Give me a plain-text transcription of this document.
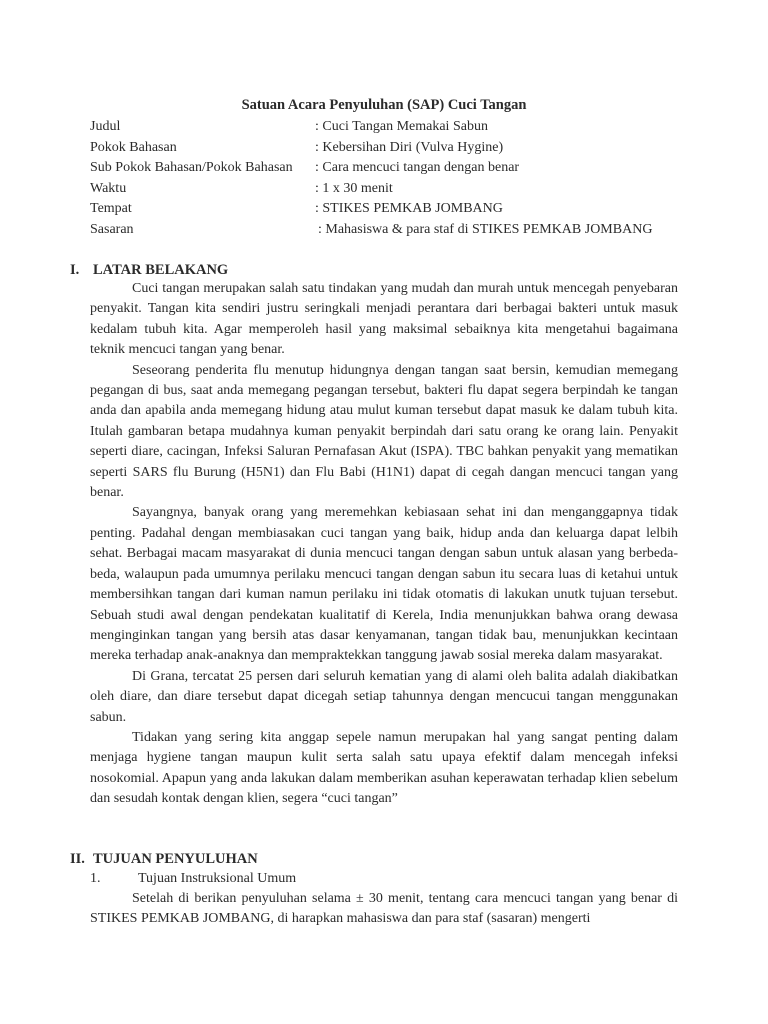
Satuan Acara Penyuluhan (SAP) Cuci Tangan
Judul	: Cuci Tangan Memakai Sabun
Pokok Bahasan	: Kebersihan Diri (Vulva Hygine)
Sub Pokok Bahasan/Pokok Bahasan : Cara mencuci tangan dengan benar
Waktu	: 1 x 30 menit
Tempat	: STIKES PEMKAB JOMBANG
Sasaran	: Mahasiswa & para staf di STIKES PEMKAB JOMBANG
I. LATAR BELAKANG

Cuci tangan merupakan salah satu tindakan yang mudah dan murah untuk mencegah penyebaran penyakit. Tangan kita sendiri justru seringkali menjadi perantara dari berbagai bakteri untuk masuk kedalam tubuh kita. Agar memperoleh hasil yang maksimal sebaiknya kita mengetahui bagaimana teknik mencuci tangan yang benar.

Seseorang penderita flu menutup hidungnya dengan tangan saat bersin, kemudian memegang pegangan di bus, saat anda memegang pegangan tersebut, bakteri flu dapat segera berpindah ke tangan anda dan apabila anda memegang hidung atau mulut kuman tersebut dapat masuk ke dalam tubuh kita. Itulah gambaran betapa mudahnya kuman penyakit berpindah dari satu orang ke orang lain. Penyakit seperti diare, cacingan, Infeksi Saluran Pernafasan Akut (ISPA). TBC bahkan penyakit yang mematikan seperti SARS flu Burung (H5N1) dan Flu Babi (H1N1) dapat di cegah dangan mencuci tangan yang benar.

Sayangnya, banyak orang yang meremehkan kebiasaan sehat ini dan menganggapnya tidak penting. Padahal dengan membiasakan cuci tangan yang baik, hidup anda dan keluarga dapat lelbih sehat. Berbagai macam masyarakat di dunia mencuci tangan dengan sabun untuk alasan yang berbeda-beda, walaupun pada umumnya perilaku mencuci tangan dengan sabun itu secara luas di ketahui untuk membersihkan tangan dari kuman namun perilaku ini tidak otomatis di lakukan unutk tujuan tersebut. Sebuah studi awal dengan pendekatan kualitatif di Kerela, India menunjukkan bahwa orang dewasa menginginkan tangan yang bersih atas dasar kenyamanan, tangan tidak bau, menunjukkan kecintaan mereka terhadap anak-anaknya dan mempraktekkan tanggung jawab sosial mereka dalam masyarakat.

Di Grana, tercatat 25 persen dari seluruh kematian yang di alami oleh balita adalah diakibatkan oleh diare, dan diare tersebut dapat dicegah setiap tahunnya dengan mencucui tangan menggunakan sabun.

Tidakan yang sering kita anggap sepele namun merupakan hal yang sangat penting dalam menjaga hygiene tangan maupun kulit serta salah satu upaya efektif dalam mencegah infeksi nosokomial. Apapun yang anda lakukan dalam memberikan asuhan keperawatan terhadap klien sebelum dan sesudah kontak dengan klien, segera “cuci tangan”

II. TUJUAN PENYULUHAN
1.	Tujuan Instruksional Umum

Setelah di berikan penyuluhan selama ± 30 menit, tentang cara mencuci tangan yang benar di STIKES PEMKAB JOMBANG, di harapkan mahasiswa dan para staf (sasaran) mengerti
